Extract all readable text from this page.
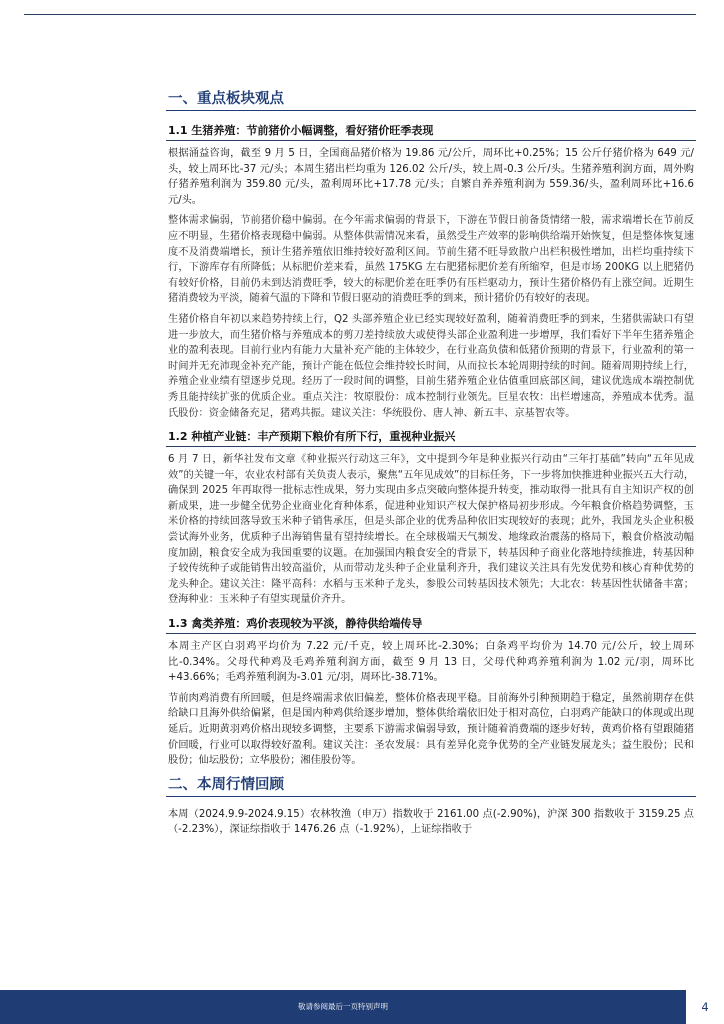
一、重点板块观点
1.1 生猪养殖：节前猪价小幅调整，看好猪价旺季表现

根据涌益咨询，截至 9 月 5 日，全国商品猪价格为 19.86 元/公斤，周环比+0.25%；15 公斤仔猪价格为 649 元/头，较上周环比-37 元/头；本周生猪出栏均重为 126.02 公斤/头，较上周-0.3 公斤/头。生猪养殖利润方面，周外购仔猪养殖利润为 359.80 元/头，盈利周环比+17.78 元/头；自繁自养养殖利润为 559.36/头，盈利周环比+16.6 元/头。

整体需求偏弱，节前猪价稳中偏弱。在今年需求偏弱的背景下，下游在节假日前备货情绪一般，需求端增长在节前反应不明显，生猪价格表现稳中偏弱。从整体供需情况来看，虽然受生产效率的影响供给端开始恢复，但是整体恢复速度不及消费端增长，预计生猪养殖依旧维持较好盈利区间。节前生猪不旺导致散户出栏积极性增加，出栏均重持续下行，下游库存有所降低；从标肥价差来看，虽然 175KG 左右肥猪标肥价差有所缩窄，但是市场 200KG 以上肥猪仍有较好价格，目前仍未到达消费旺季，较大的标肥价差在旺季仍有压栏驱动力，预计生猪价格仍有上涨空间。近期生猪消费较为平淡，随着气温的下降和节假日驱动的消费旺季的到来，预计猪价仍有较好的表现。

生猪价格自年初以来趋势持续上行，Q2 头部养殖企业已经实现较好盈利，随着消费旺季的到来，生猪供需缺口有望进一步放大，而生猪价格与养殖成本的剪刀差持续放大或使得头部企业盈利进一步增厚，我们看好下半年生猪养殖企业的盈利表现。目前行业内有能力大量补充产能的主体较少，在行业高负债和低猪价预期的背景下，行业盈利的第一时间并无充沛现金补充产能，预计产能在低位会维持较长时间，从而拉长本轮周期持续的时间。随着周期持续上行，养殖企业业绩有望逐步兑现。经历了一段时间的调整，目前生猪养殖企业估值重回底部区间，建议优选成本端控制优秀且能持续扩张的优质企业。重点关注：牧原股份：成本控制行业领先。巨星农牧：出栏增速高，养殖成本优秀。温氏股份：资金储备充足，猪鸡共振。建议关注：华统股份、唐人神、新五丰、京基智农等。

1.2 种植产业链：丰产预期下粮价有所下行，重视种业振兴

6 月 7 日，新华社发布文章《种业振兴行动这三年》，文中提到今年是种业振兴行动由“三年打基础”转向“五年见成效”的关键一年，农业农村部有关负责人表示，聚焦“五年见成效”的目标任务，下一步将加快推进种业振兴五大行动，确保到 2025 年再取得一批标志性成果，努力实现由多点突破向整体提升转变，推动取得一批具有自主知识产权的创新成果，进一步健全优势企业商业化育种体系，促进种业知识产权大保护格局初步形成。今年粮食价格趋势调整，玉米价格的持续回落导致玉米种子销售承压，但是头部企业的优秀品种依旧实现较好的表现；此外，我国龙头企业积极尝试海外业务，优质种子出海销售量有望持续增长。在全球极端天气频发、地缘政治震荡的格局下，粮食价格波动幅度加剧，粮食安全成为我国重要的议题。在加强国内粮食安全的背景下，转基因种子商业化落地持续推进，转基因种子较传统种子或能销售出较高溢价，从而带动龙头种子企业量利齐升，我们建议关注具有先发优势和核心育种优势的龙头种企。建议关注：隆平高科：水稻与玉米种子龙头，参股公司转基因技术领先；大北农：转基因性状储备丰富；登海种业：玉米种子有望实现量价齐升。

1.3 禽类养殖：鸡价表现较为平淡，静待供给端传导

本周主产区白羽鸡平均价为 7.22 元/千克，较上周环比-2.30%；白条鸡平均价为 14.70 元/公斤，较上周环比-0.34%。父母代种鸡及毛鸡养殖利润方面，截至 9 月 13 日，父母代种鸡养殖利润为 1.02 元/羽，周环比+43.66%；毛鸡养殖利润为-3.01 元/羽，周环比-38.71%。

节前肉鸡消费有所回暖，但是终端需求依旧偏差，整体价格表现平稳。目前海外引种预期趋于稳定，虽然前期存在供给缺口且海外供给偏紧，但是国内种鸡供给逐步增加，整体供给端依旧处于相对高位，白羽鸡产能缺口的体现或出现延后。近期黄羽鸡价格出现较多调整，主要系下游需求偏弱导致，预计随着消费端的逐步好转，黄鸡价格有望跟随猪价回暖，行业可以取得较好盈利。建议关注：圣农发展：具有差异化竞争优势的全产业链发展龙头；益生股份；民和股份；仙坛股份；立华股份；湘佳股份等。

二、本周行情回顾

本周（2024.9.9-2024.9.15）农林牧渔（申万）指数收于 2161.00 点(-2.90%)，沪深 300 指数收于 3159.25 点（-2.23%），深证综指收于 1476.26 点（-1.92%），上证综指收于

敬请参阅最后一页特别声明	4
